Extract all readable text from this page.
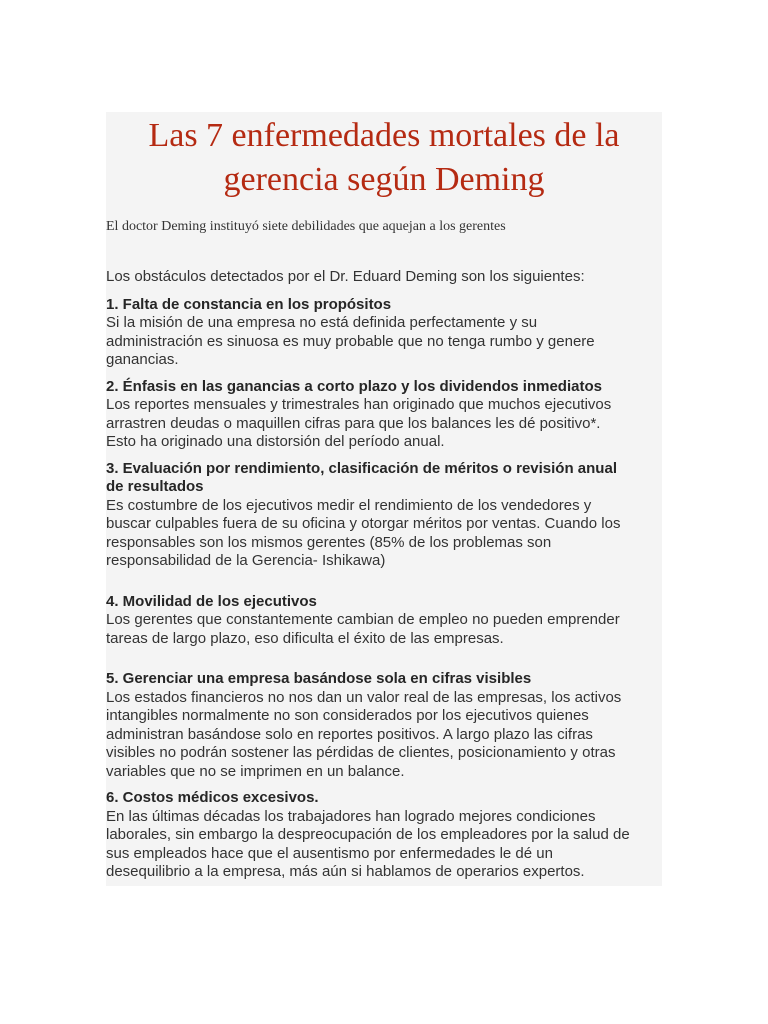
Las 7 enfermedades mortales de la
gerencia según Deming

El doctor Deming instituyó siete debilidades que aquejan a los gerentes

Los obstáculos detectados por el Dr. Eduard Deming son los siguientes:

1. Falta de constancia en los propósitos

Si la misión de una empresa no está definida perfectamente y su
administración es sinuosa es muy probable que no tenga rumbo y genere
ganancias.

2. Énfasis en las ganancias a corto plazo y los dividendos inmediatos

Los reportes mensuales y trimestrales han originado que muchos ejecutivos
arrastren deudas o maquillen cifras para que los balances les dé positivo*.
Esto ha originado una distorsión del período anual.

3. Evaluación por rendimiento, clasificación de méritos o revisión anual
de resultados

Es costumbre de los ejecutivos medir el rendimiento de los vendedores y
buscar culpables fuera de su oficina y otorgar méritos por ventas. Cuando los
responsables son los mismos gerentes (85% de los problemas son
responsabilidad de la Gerencia- Ishikawa)

4. Movilidad de los ejecutivos

Los gerentes que constantemente cambian de empleo no pueden emprender
tareas de largo plazo, eso dificulta el éxito de las empresas.

5. Gerenciar una empresa basándose sola en cifras visibles

Los estados financieros no nos dan un valor real de las empresas, los activos
intangibles normalmente no son considerados por los ejecutivos quienes
administran basándose solo en reportes positivos. A largo plazo las cifras
visibles no podrán sostener las pérdidas de clientes, posicionamiento y otras
variables que no se imprimen en un balance.

6. Costos médicos excesivos.

En las últimas décadas los trabajadores han logrado mejores condiciones
laborales, sin embargo la despreocupación de los empleadores por la salud de
sus empleados hace que el ausentismo por enfermedades le dé un
desequilibrio a la empresa, más aún si hablamos de operarios expertos.
